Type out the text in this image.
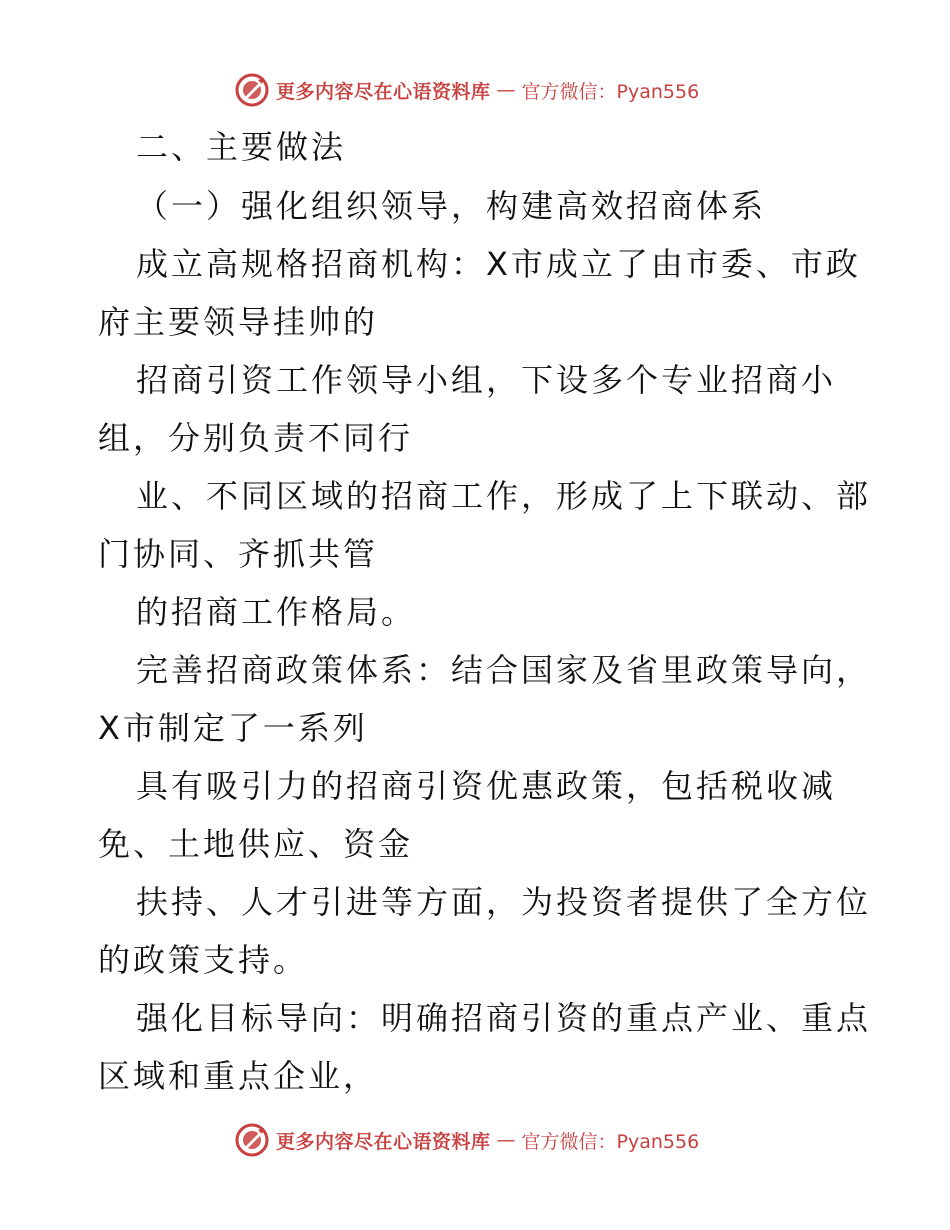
更多内容尽在心语资料库 — 官方微信：Pyan556
二、主要做法
（一）强化组织领导，构建高效招商体系
成立高规格招商机构：X市成立了由市委、市政
府主要领导挂帅的
招商引资工作领导小组，下设多个专业招商小
组，分别负责不同行
业、不同区域的招商工作，形成了上下联动、部
门协同、齐抓共管
的招商工作格局。
完善招商政策体系：结合国家及省里政策导向，
X市制定了一系列
具有吸引力的招商引资优惠政策，包括税收减
免、土地供应、资金
扶持、人才引进等方面，为投资者提供了全方位
的政策支持。
强化目标导向：明确招商引资的重点产业、重点
区域和重点企业，
更多内容尽在心语资料库 — 官方微信：Pyan556
